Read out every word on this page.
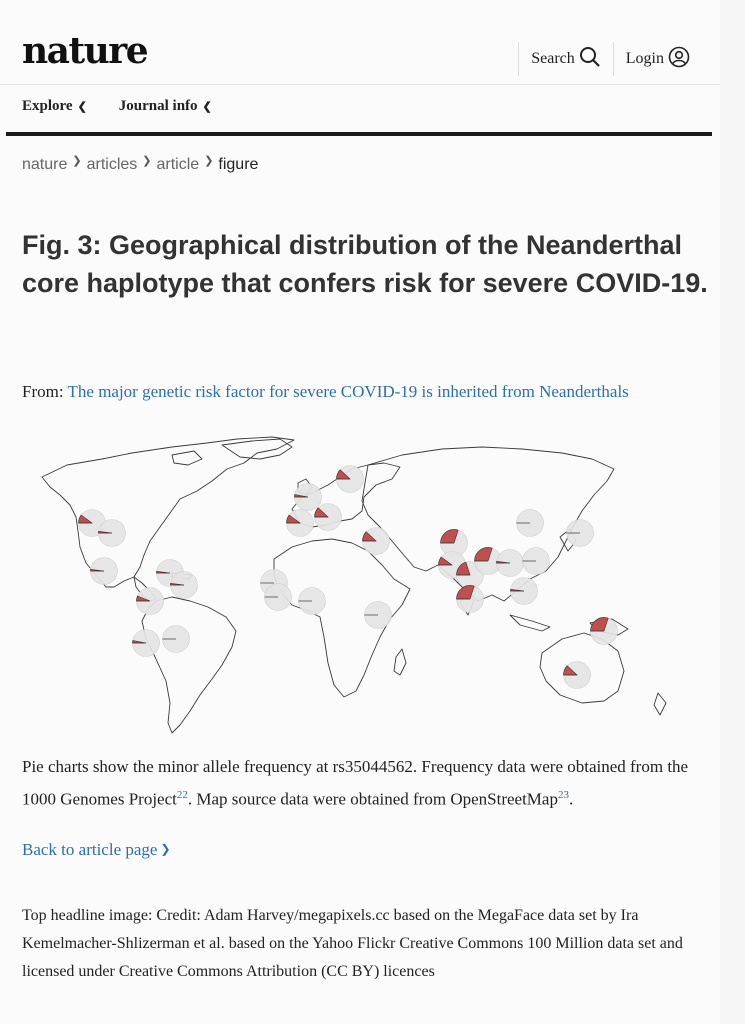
nature	Search	Login
Explore ❮ Journal info ❮
nature ❯ articles ❯ article ❯ figure
Fig. 3: Geographical distribution of the Neanderthal core haplotype that confers risk for severe COVID-19.
From: The major genetic risk factor for severe COVID-19 is inherited from Neanderthals
Pie charts show the minor allele frequency at rs35044562. Frequency data were obtained from the 1000 Genomes Project$^{22}$. Map source data were obtained from OpenStreetMap$^{23}$.
Back to article page ❯
Top headline image: Credit: Adam Harvey/megapixels.cc based on the MegaFace data set by Ira Kemelmacher-Shlizerman et al. based on the Yahoo Flickr Creative Commons 100 Million data set and licensed under Creative Commons Attribution (CC BY) licences
